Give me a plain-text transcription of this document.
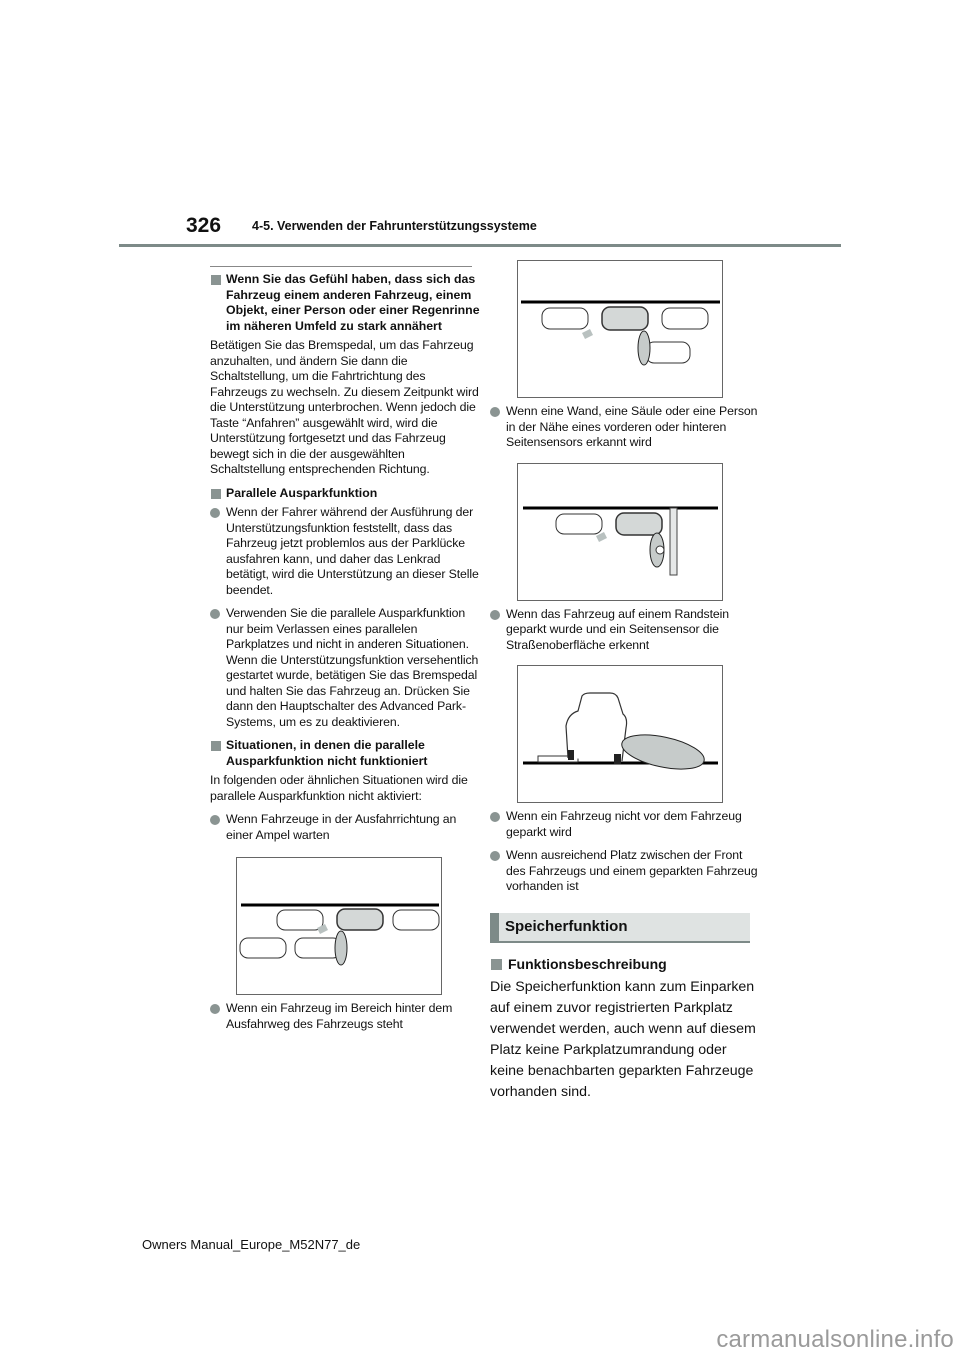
326 4-5. Verwenden der Fahrunterstützungssysteme
Wenn Sie das Gefühl haben, dass sich das Fahrzeug einem anderen Fahrzeug, einem Objekt, einer Person oder einer Regenrinne im näheren Umfeld zu stark annähert

Betätigen Sie das Bremspedal, um das Fahrzeug anzuhalten, und ändern Sie dann die Schaltstellung, um die Fahrtrichtung des Fahrzeugs zu wechseln. Zu diesem Zeitpunkt wird die Unterstützung unterbrochen. Wenn jedoch die Taste “Anfahren” ausgewählt wird, wird die Unterstützung fortgesetzt und das Fahrzeug bewegt sich in die der ausgewählten Schaltstellung entsprechenden Richtung.

Parallele Ausparkfunktion
Wenn der Fahrer während der Ausführung der Unterstützungsfunktion feststellt, dass das Fahrzeug jetzt problemlos aus der Parklücke ausfahren kann, und daher das Lenkrad betätigt, wird die Unterstützung an dieser Stelle beendet.
Verwenden Sie die parallele Ausparkfunktion nur beim Verlassen eines parallelen Parkplatzes und nicht in anderen Situationen. Wenn die Unterstützungsfunktion versehentlich gestartet wurde, betätigen Sie das Bremspedal und halten Sie das Fahrzeug an. Drücken Sie dann den Hauptschalter des Advanced Park-Systems, um es zu deaktivieren.
Situationen, in denen die parallele Ausparkfunktion nicht funktioniert

In folgenden oder ähnlichen Situationen wird die parallele Ausparkfunktion nicht aktiviert:

Wenn Fahrzeuge in der Ausfahrrichtung an einer Ampel warten
Wenn ein Fahrzeug im Bereich hinter dem Ausfahrweg des Fahrzeugs steht
Wenn eine Wand, eine Säule oder eine Person in der Nähe eines vorderen oder hinteren Seitensensors erkannt wird
Wenn das Fahrzeug auf einem Randstein geparkt wurde und ein Seitensensor die Straßenoberfläche erkennt
Wenn ein Fahrzeug nicht vor dem Fahrzeug geparkt wird
Wenn ausreichend Platz zwischen der Front des Fahrzeugs und einem geparkten Fahrzeug vorhanden ist
Speicherfunktion
Funktionsbeschreibung

Die Speicherfunktion kann zum Einparken auf einem zuvor registrierten Parkplatz verwendet werden, auch wenn auf diesem Platz keine Parkplatzumrandung oder keine benachbarten geparkten Fahrzeuge vorhanden sind.

Owners Manual_Europe_M52N77_de
carmanualsonline.info
